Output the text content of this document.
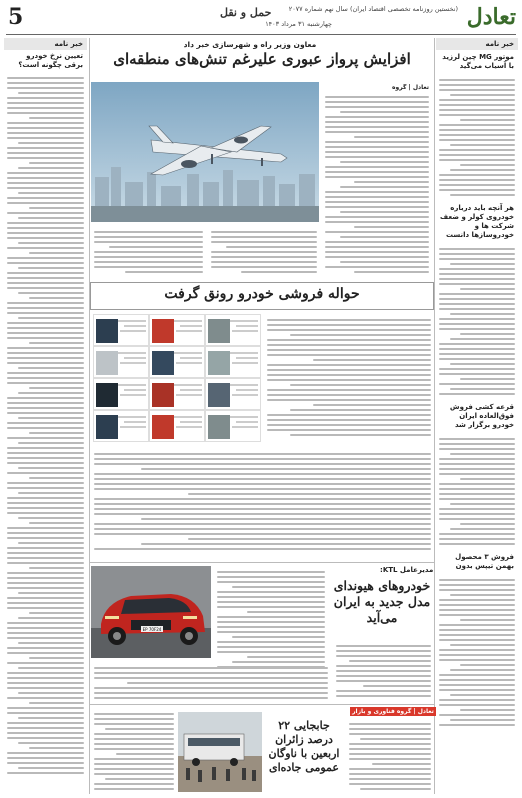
تعادل
(نخستین روزنامه تخصصی اقتصاد ایران) سال نهم شماره ۲۰۷۷
چهارشنبه ۳۱ مرداد ۱۴۰۳
حمل و نقل
5
خبر نامه
تعیین نرخ خودرو برقی چگونه است؟
خبر نامه
موتور MG چین لرزید با آسیاب می‌گید
هر آنچه باید درباره خودروی کولر و ضعف شرکت ها و خودروسازها دانست
قرعه کشی فروش فوق‌العاده ایران خودرو برگزار شد
فروش ۳ محصول بهمن تیپس بدون
معاون وزیر راه و شهرسازی خبر داد
افزایش پرواز عبوری علیرغم تنش‌های منطقه‌ای
تعادل | گروه
حواله فروشی خودرو رونق گرفت
EP 70F24
مدیرعامل KTL:
خودروهای هیوندای مدل جدید به ایران می‌آید
جابجایی ۲۲ درصد زائران اربعین با ناوگان عمومی جاده‌ای
تعادل | گروه فناوری و بازار
